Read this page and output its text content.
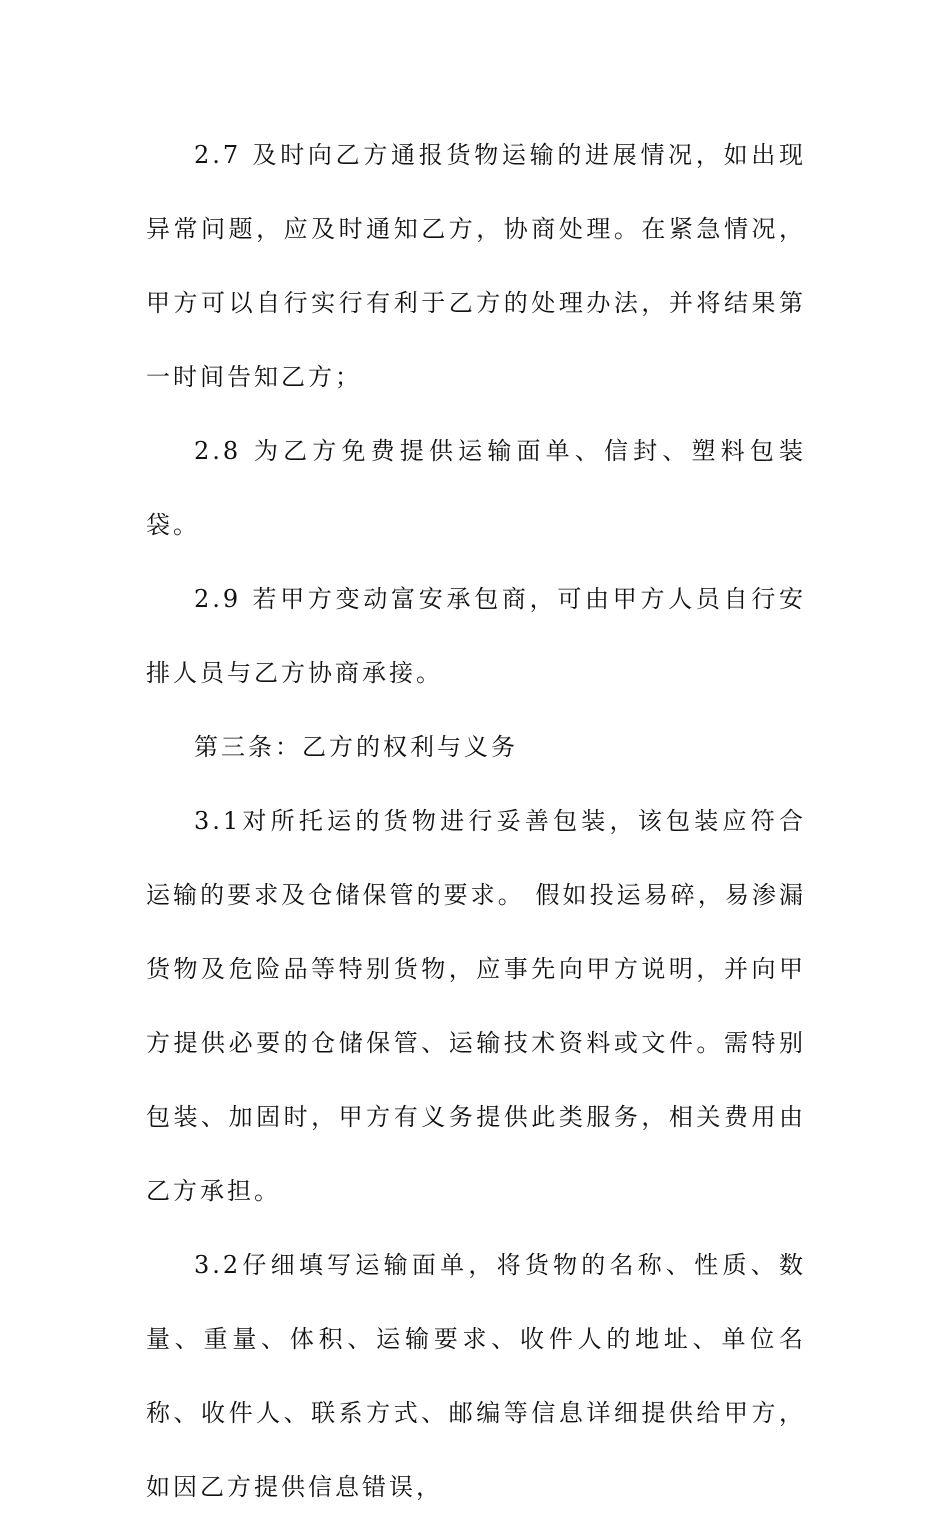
2.7 及时向乙方通报货物运输的进展情况，如出现异常问题，应及时通知乙方，协商处理。在紧急情况，甲方可以自行实行有利于乙方的处理办法，并将结果第一时间告知乙方；

2.8 为乙方免费提供运输面单、信封、塑料包装袋。

2.9 若甲方变动富安承包商，可由甲方人员自行安排人员与乙方协商承接。

第三条：乙方的权利与义务

3.1对所托运的货物进行妥善包装，该包装应符合运输的要求及仓储保管的要求。 假如投运易碎，易渗漏货物及危险品等特别货物，应事先向甲方说明，并向甲方提供必要的仓储保管、运输技术资料或文件。需特别包装、加固时，甲方有义务提供此类服务，相关费用由乙方承担。

3.2仔细填写运输面单，将货物的名称、性质、数量、重量、体积、运输要求、收件人的地址、单位名称、收件人、联系方式、邮编等信息详细提供给甲方，如因乙方提供信息错误，
